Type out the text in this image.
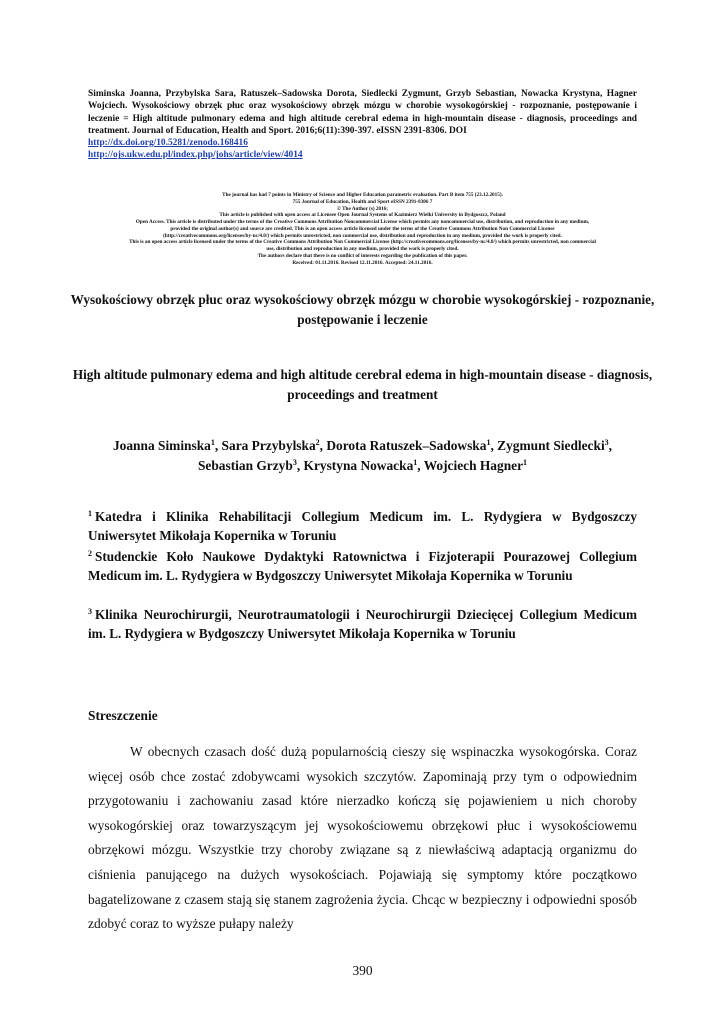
Siminska Joanna, Przybylska Sara, Ratuszek–Sadowska Dorota, Siedlecki Zygmunt, Grzyb Sebastian, Nowacka Krystyna, Hagner Wojciech. Wysokościowy obrzęk płuc oraz wysokościowy obrzęk mózgu w chorobie wysokogórskiej - rozpoznanie, postępowanie i leczenie = High altitude pulmonary edema and high altitude cerebral edema in high-mountain disease - diagnosis, proceedings and treatment. Journal of Education, Health and Sport. 2016;6(11):390-397. eISSN 2391-8306. DOI
http://dx.doi.org/10.5281/zenodo.168416
http://ojs.ukw.edu.pl/index.php/johs/article/view/4014
The journal has had 7 points in Ministry of Science and Higher Education parametric evaluation. Part B item 755 (23.12.2015).
755 Journal of Education, Health and Sport eISSN 2391-8306 7
© The Author (s) 2016;
This article is published with open access at Licensee Open Journal Systems of Kazimierz Wielki University in Bydgoszcz, Poland
Open Access. This article is distributed under the terms of the Creative Commons Attribution Noncommercial License which permits any noncommercial use, distribution, and reproduction in any medium,
provided the original author(s) and source are credited. This is an open access article licensed under the terms of the Creative Commons Attribution Non Commercial License
(http://creativecommons.org/licenses/by-nc/4.0/) which permits unrestricted, non commercial use, distribution and reproduction in any medium, provided the work is properly cited.
This is an open access article licensed under the terms of the Creative Commons Attribution Non Commercial License (http://creativecommons.org/licenses/by-nc/4.0/) which permits unrestricted, non commercial
use, distribution and reproduction in any medium, provided the work is properly cited.
The authors declare that there is no conflict of interests regarding the publication of this paper.
Received: 01.11.2016. Revised 12.11.2016. Accepted: 24.11.2016.
Wysokościowy obrzęk płuc oraz wysokościowy obrzęk mózgu w chorobie wysokogórskiej - rozpoznanie, postępowanie i leczenie
High altitude pulmonary edema and high altitude cerebral edema in high-mountain disease - diagnosis, proceedings and treatment
Joanna Siminska$^1$, Sara Przybylska$^2$, Dorota Ratuszek–Sadowska$^1$, Zygmunt Siedlecki$^3$,
Sebastian Grzyb$^3$, Krystyna Nowacka$^1$, Wojciech Hagner$^1$
$^1$ Katedra i Klinika Rehabilitacji Collegium Medicum im. L. Rydygiera w Bydgoszczy Uniwersytet Mikołaja Kopernika w Toruniu
$^2$ Studenckie Koło Naukowe Dydaktyki Ratownictwa i Fizjoterapii Pourazowej Collegium Medicum im. L. Rydygiera w Bydgoszczy Uniwersytet Mikołaja Kopernika w Toruniu
$^3$ Klinika Neurochirurgii, Neurotraumatologii i Neurochirurgii Dziecięcej Collegium Medicum im. L. Rydygiera w Bydgoszczy Uniwersytet Mikołaja Kopernika w Toruniu
Streszczenie
W obecnych czasach dość dużą popularnością cieszy się wspinaczka wysokogórska. Coraz więcej osób chce zostać zdobywcami wysokich szczytów. Zapominają przy tym o odpowiednim przygotowaniu i zachowaniu zasad które nierzadko kończą się pojawieniem u nich choroby wysokogórskiej oraz towarzyszącym jej wysokościowemu obrzękowi płuc i wysokościowemu obrzękowi mózgu. Wszystkie trzy choroby związane są z niewłaściwą adaptacją organizmu do ciśnienia panującego na dużych wysokościach. Pojawiają się symptomy które początkowo bagatelizowane z czasem stają się stanem zagrożenia życia. Chcąc w bezpieczny i odpowiedni sposób zdobyć coraz to wyższe pułapy należy
390
